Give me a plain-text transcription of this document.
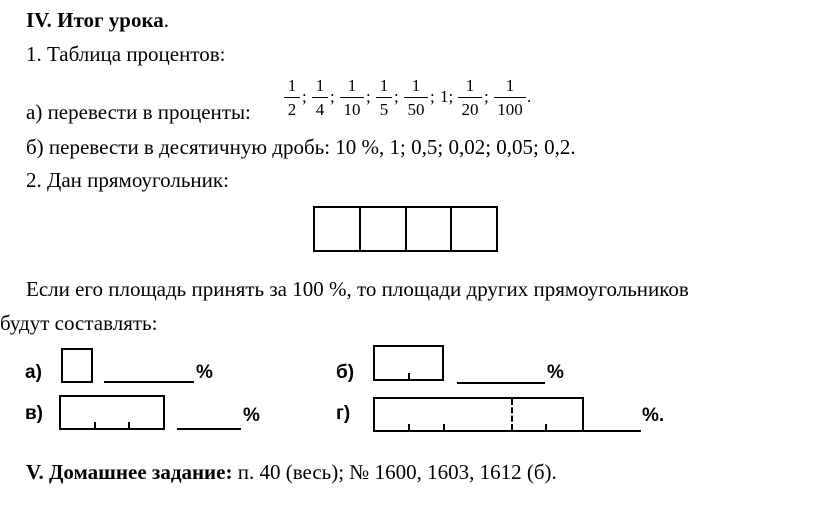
IV. Итог урока.
1. Таблица процентов:
а) перевести в проценты:
1
2
;
1
4
;
1
10
;
1
5
;
1
50
; 1;
1
20
;
1
100
.
б) перевести в десятичную дробь: 10 %, 1; 0,5; 0,02; 0,05; 0,2.
2. Дан прямоугольник:
Если его площадь принять за 100 %, то площади других прямоугольников
будут составлять:
а)	%	б)	%
в)	%	г)	%.
V. Домашнее задание: п. 40 (весь); № 1600, 1603, 1612 (б).
